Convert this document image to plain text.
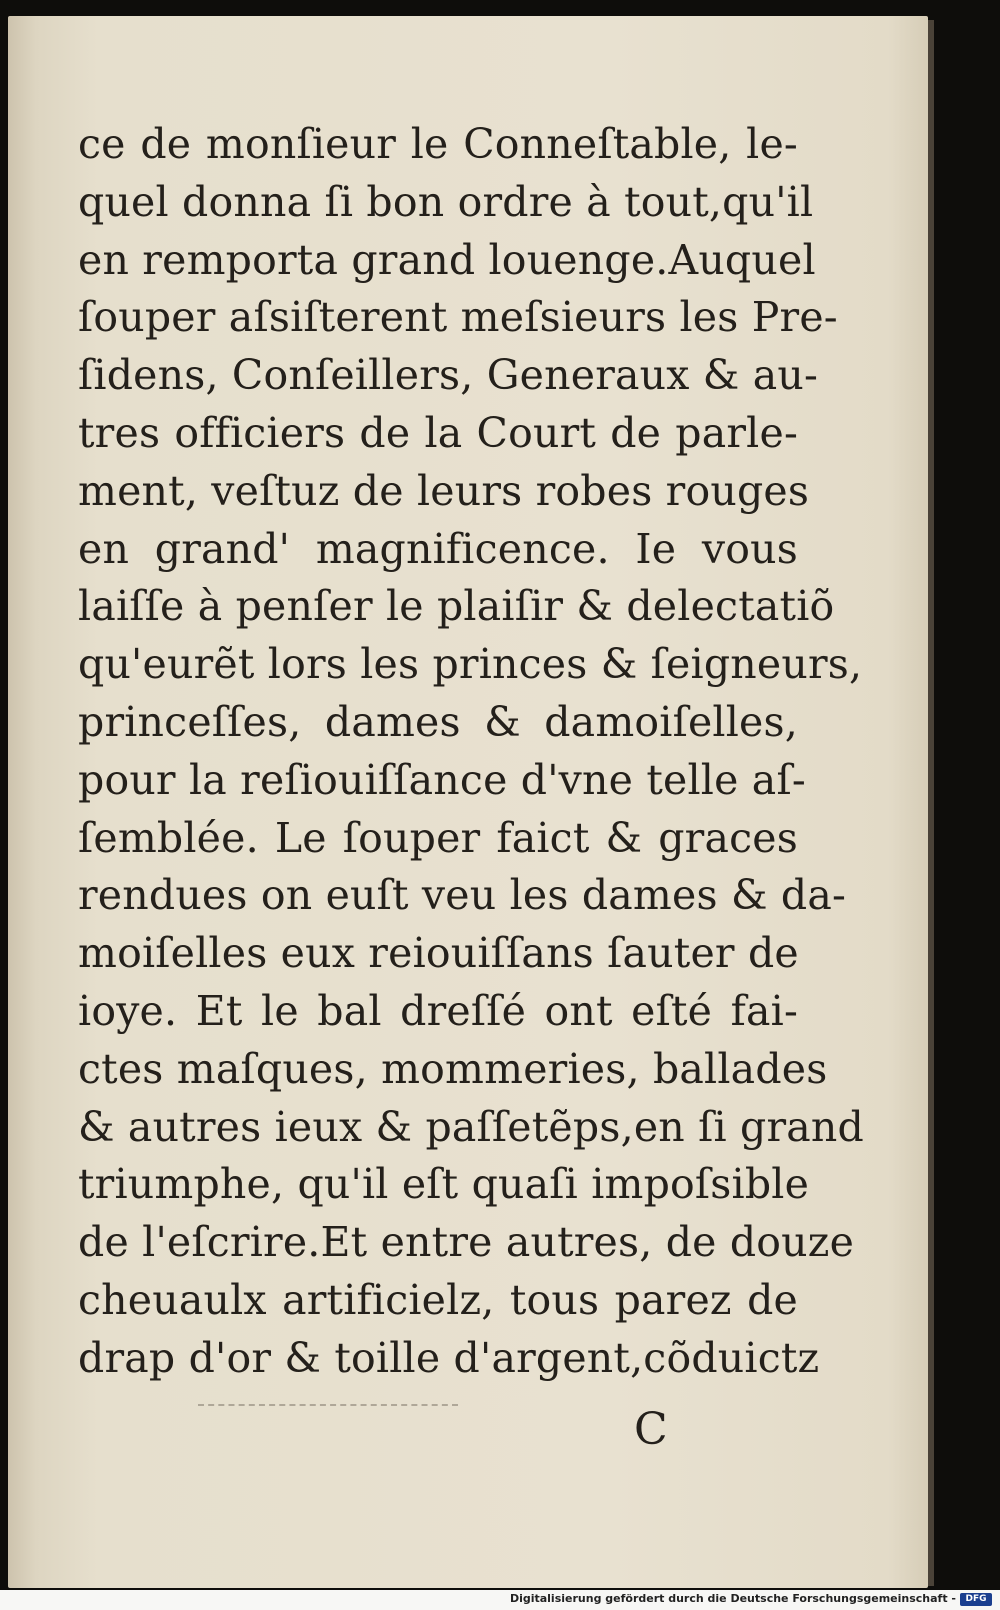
ce de monſieur le Conneſtable, le-
quel donna ſi bon ordre à tout,qu'il
en remporta grand louenge.Auquel
ſouper aſsiſterent meſsieurs les Pre-
ſidens, Conſeillers, Generaux & au-
tres officiers de la Court de parle-
ment, veſtuz de leurs robes rouges
en grand' magnificence. Ie vous
laiſſe à penſer le plaiſir & delectatiõ
qu'eurẽt lors les princes & ſeigneurs,
princeſſes, dames & damoiſelles,
pour la reſiouiſſance d'vne telle aſ-
ſemblée. Le ſouper faict & graces
rendues on euſt veu les dames & da-
moiſelles eux reiouiſſans ſauter de
ioye. Et le bal dreſſé ont eſté fai-
ctes maſques, mommeries, ballades
& autres ieux & paſſetẽps,en ſi grand
triumphe, qu'il eſt quaſi impoſsible
de l'eſcrire.Et entre autres, de douze
cheuaulx artificielz, tous parez de
drap d'or & toille d'argent,cõduictz
C
Digitalisierung gefördert durch die Deutsche Forschungsgemeinschaft -	DFG
